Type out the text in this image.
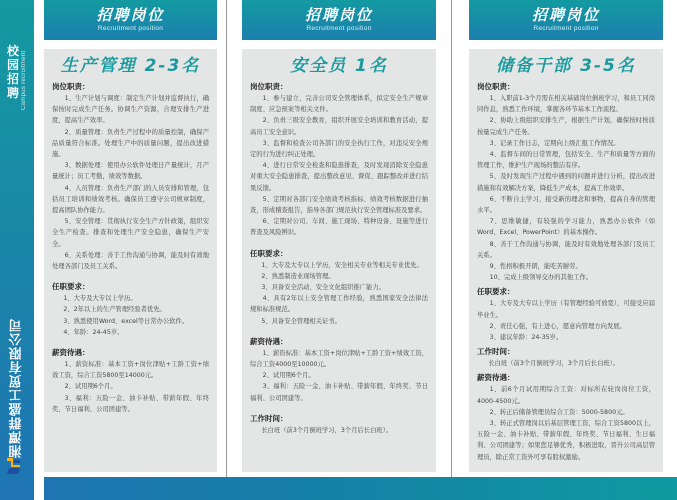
校
园
招
聘 Campus recruitment
湘潭群盛工贸有限公司
招聘岗位
Recruitment position
生产管理 2-3名
岗位职责：

1、生产计划与调度：制定生产计划并监督执行，确保按时完成生产任务。协调生产资源，合理安排生产进度，提高生产效率。

2、质量管理：负责生产过程中的质量控制，确保产品质量符合标准。处理生产中的质量问题，提出改进措施。

3、数据处理：使用办公软件处理日产量统计，月产量统计；员工考勤，绩效等数据。

4、人员管理：负责生产部门的人员安排和管理，包括员工培训和绩效考核。确保员工遵守公司规章制度，提高团队协作能力。

5、安全管理：贯彻执行安全生产方针政策，组织安全生产检查。排查和处理生产安全隐患，确保生产安全。

6、关系处理：善于工作沟通与协调，能及时有效地处理各部门及员工关系。

任职要求：

1、大专及大专以上学历。

2、2年以上的生产管理经验者优先。

3、熟悉使用Word、excel等日常办公软件。

4、年龄：24-45岁。

薪资待遇：

1、薪资标准：基本工资+岗位津贴+工龄工资+绩效工资，综合工资5800至14000元。

2、试用期6个月。

3、福利：五险一金、油卡补贴、带薪年假、年终奖、节日福利、公司团建等。

招聘岗位
Recruitment position
安全员 1名
岗位职责：

1、参与建立、完善公司安全管理体系，拟定安全生产规章制度、应急预案等相关文件。

2、负责三级安全教育，组织开展安全培训和教育活动，提高员工安全意识。

3、监督和检查公司各部门的安全执行工作，对违反安全规定的行为进行纠正处理。

4、进行日常安全检查和隐患排查，及时发现消除安全隐患对重大安全隐患排查，提出整改意见、督促、跟踪整改并进行结果反馈。

5、定期对各部门安全绩效考核指标、绩效考核数据进行抽查，形成稽查报告，指导各部门规范执行安全管理标准及要求。

6、定期对公司、车间、施工现场、特种设备、设施等进行普查及风险辨识。

任职要求：

1、大专及大专以上学历，安全相关专业等相关专业优先。

2、熟悉制造业现场管理。

3、具备安全活动、安全文化组织推广能力。

4、具有2年以上安全管理工作经验，熟悉国家安全法律法规和标准规范。

5、具备安全管理相关证书。

薪资待遇：

1、薪资标准：基本工资+岗位津贴+工龄工资+绩效工资，综合工资4000至10000元。

2、试用期6个月。

3、福利：五险一金、油卡补贴、带薪年假、年终奖、节日福利、公司团建等。

工作时间：

长白班（前3个月倒班学习，3个月后长白班）。

招聘岗位
Recruitment position
储备干部 3-5名
岗位职责：

1、入职前1-3个月需在相关基础岗位倒班学习，和员工同岗同作息，熟悉工作环境，掌握各环节基本工作流程。

2、协助上级组织安排生产，根据生产计划，确保按时按质按量完成生产任务。

3、记录工作日志，定期向上级汇报工作情况。

4、监督车间的日常管理，包括安全、生产和质量等方面的管理工作，维护生产现场的整洁有序。

5、及时发现生产过程中遇到的问题并进行分析，提出改进措施和有效解决方案，降低生产成本，提高工作效率。

6、不断自主学习，接受新的理念和事物，提高自身的管理水平。

7、思维敏捷，有较强的学习能力，熟悉办公软件（如Word、Excel、PowerPoint）的基本操作。

8、善于工作沟通与协调，能及时有效地处理各部门及员工关系。

9、性格积极开朗，能吃苦耐劳。

10、完成上级领导交办的其他工作。

任职要求：

1、大专及大专以上学历（有管理经验可放宽），可接受应届毕业生。

2、责任心强，有上进心，愿意向管理方向发展。

3、建议年龄：24-35岁。

工作时间：

长白班（前3个月倒班学习，3个月后长白班）。

薪资待遇：

1、前6个月试用期综合工资：对标所在轮岗岗位工资，4000-4500元。

2、转正后储备管理员综合工资：5000-5800元。

3、转正式管理岗以后基层管理工资，综合工资5800以上，五险一金、油卡补贴、带薪年假、年终奖、节日福利、生日福利、公司团建等；如果您足够优秀，积极进取，晋升公司高层管理员，除正常工资外可享有股权激励。
